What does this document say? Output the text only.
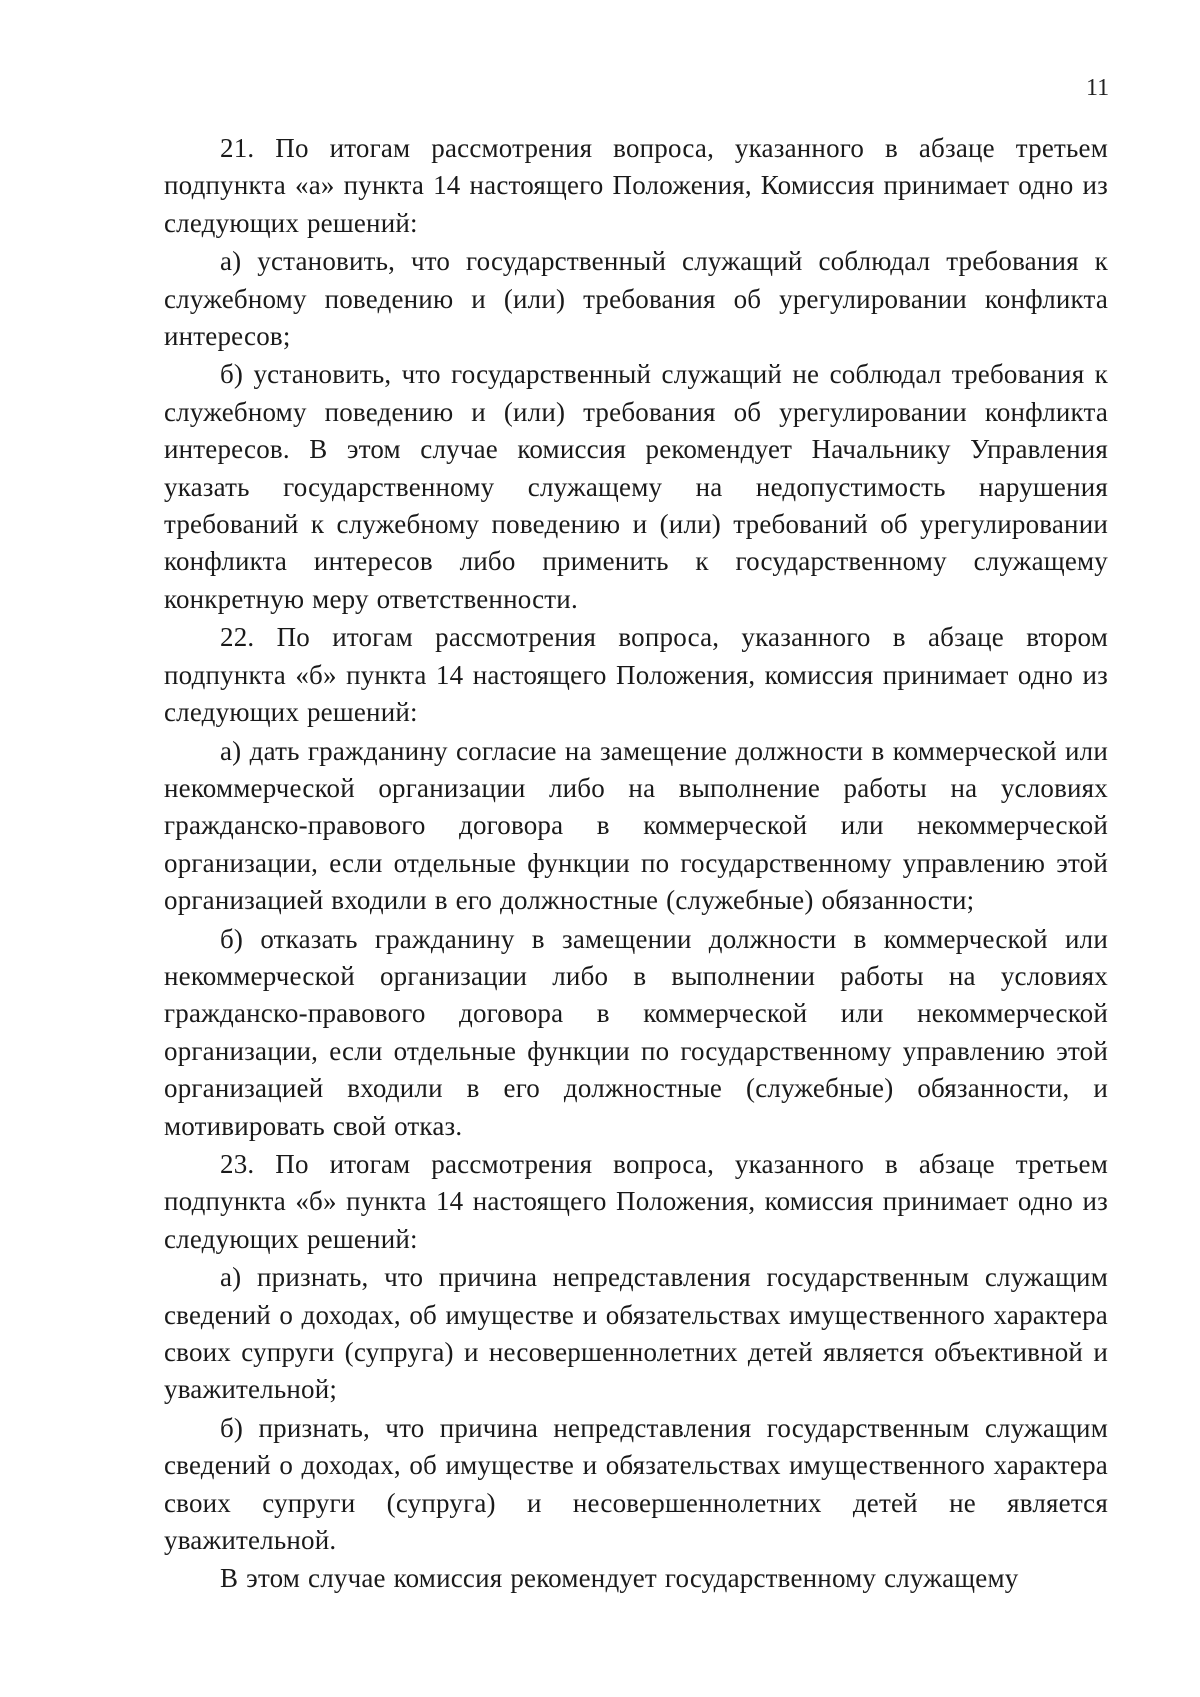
11

21. По итогам рассмотрения вопроса, указанного в абзаце третьем подпункта «а» пункта 14 настоящего Положения, Комиссия принимает одно из следующих решений:

а) установить, что государственный служащий соблюдал требования к служебному поведению и (или) требования об урегулировании конфликта интересов;

б) установить, что государственный служащий не соблюдал требования к служебному поведению и (или) требования об урегулировании конфликта интересов. В этом случае комиссия рекомендует Начальнику Управления указать государственному служащему на недопустимость нарушения требований к служебному поведению и (или) требований об урегулировании конфликта интересов либо применить к государственному служащему конкретную меру ответственности.

22. По итогам рассмотрения вопроса, указанного в абзаце втором подпункта «б» пункта 14 настоящего Положения, комиссия принимает одно из следующих решений:

а) дать гражданину согласие на замещение должности в коммерческой или некоммерческой организации либо на выполнение работы на условиях гражданско-правового договора в коммерческой или некоммерческой организации, если отдельные функции по государственному управлению этой организацией входили в его должностные (служебные) обязанности;

б) отказать гражданину в замещении должности в коммерческой или некоммерческой организации либо в выполнении работы на условиях гражданско-правового договора в коммерческой или некоммерческой организации, если отдельные функции по государственному управлению этой организацией входили в его должностные (служебные) обязанности, и мотивировать свой отказ.

23. По итогам рассмотрения вопроса, указанного в абзаце третьем подпункта «б» пункта 14 настоящего Положения, комиссия принимает одно из следующих решений:

а) признать, что причина непредставления государственным служащим сведений о доходах, об имуществе и обязательствах имущественного характера своих супруги (супруга) и несовершеннолетних детей является объективной и уважительной;

б) признать, что причина непредставления государственным служащим сведений о доходах, об имуществе и обязательствах имущественного характера своих супруги (супруга) и несовершеннолетних детей не является уважительной.

В этом случае комиссия рекомендует государственному служащему
